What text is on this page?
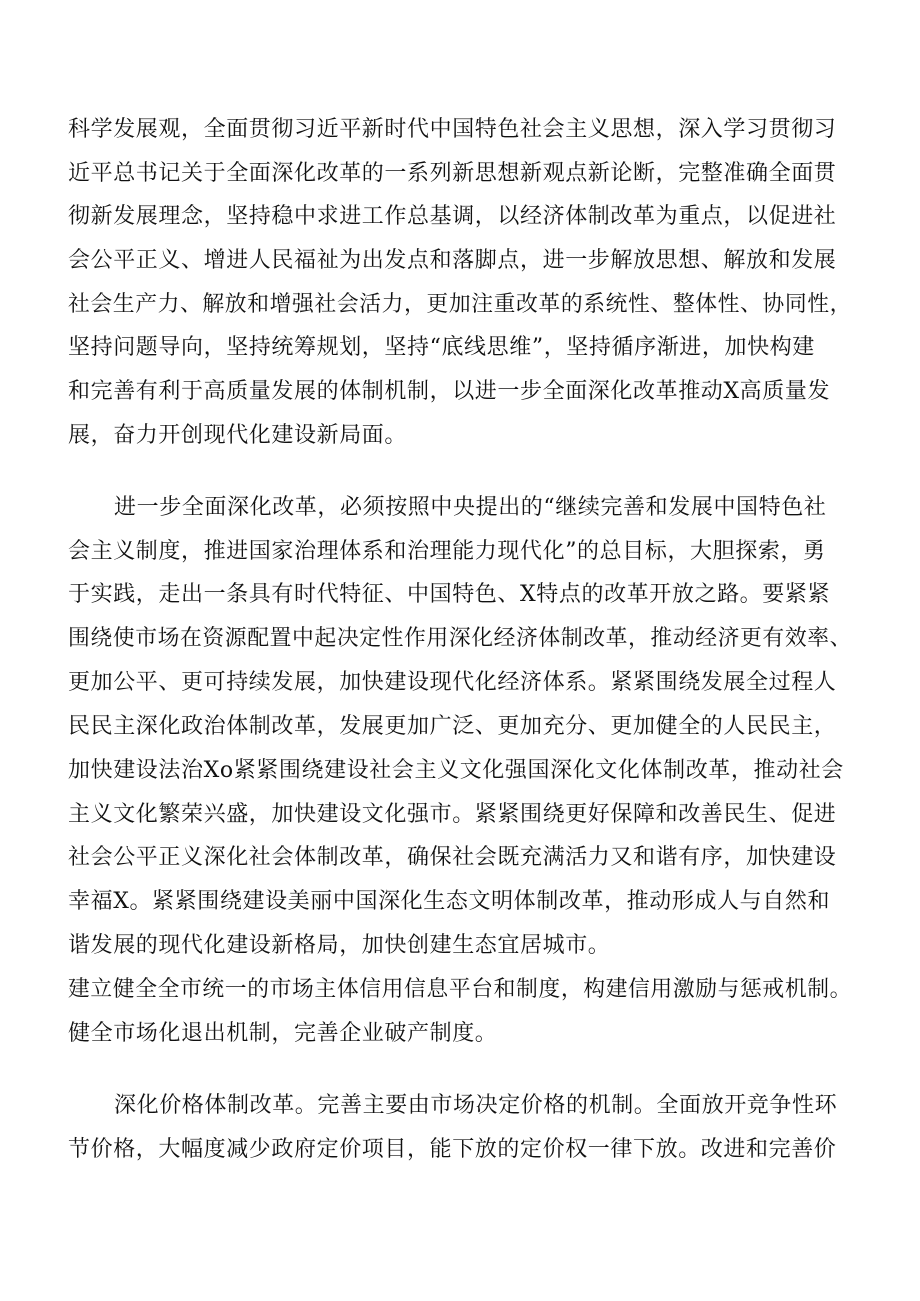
科学发展观，全面贯彻习近平新时代中国特色社会主义思想，深入学习贯彻习
近平总书记关于全面深化改革的一系列新思想新观点新论断，完整准确全面贯
彻新发展理念，坚持稳中求进工作总基调，以经济体制改革为重点，以促进社
会公平正义、增进人民福祉为出发点和落脚点，进一步解放思想、解放和发展
社会生产力、解放和增强社会活力，更加注重改革的系统性、整体性、协同性，
坚持问题导向，坚持统筹规划，坚持“底线思维”，坚持循序渐进，加快构建
和完善有利于高质量发展的体制机制，以进一步全面深化改革推动X高质量发
展，奋力开创现代化建设新局面。
进一步全面深化改革，必须按照中央提出的“继续完善和发展中国特色社
会主义制度，推进国家治理体系和治理能力现代化”的总目标，大胆探索，勇
于实践，走出一条具有时代特征、中国特色、X特点的改革开放之路。要紧紧
围绕使市场在资源配置中起决定性作用深化经济体制改革，推动经济更有效率、
更加公平、更可持续发展，加快建设现代化经济体系。紧紧围绕发展全过程人
民民主深化政治体制改革，发展更加广泛、更加充分、更加健全的人民民主，
加快建设法治Xo紧紧围绕建设社会主义文化强国深化文化体制改革，推动社会
主义文化繁荣兴盛，加快建设文化强市。紧紧围绕更好保障和改善民生、促进
社会公平正义深化社会体制改革，确保社会既充满活力又和谐有序，加快建设
幸福X。紧紧围绕建设美丽中国深化生态文明体制改革，推动形成人与自然和
谐发展的现代化建设新格局，加快创建生态宜居城市。
建立健全全市统一的市场主体信用信息平台和制度，构建信用激励与惩戒机制。
健全市场化退出机制，完善企业破产制度。
深化价格体制改革。完善主要由市场决定价格的机制。全面放开竞争性环
节价格，大幅度减少政府定价项目，能下放的定价权一律下放。改进和完善价
